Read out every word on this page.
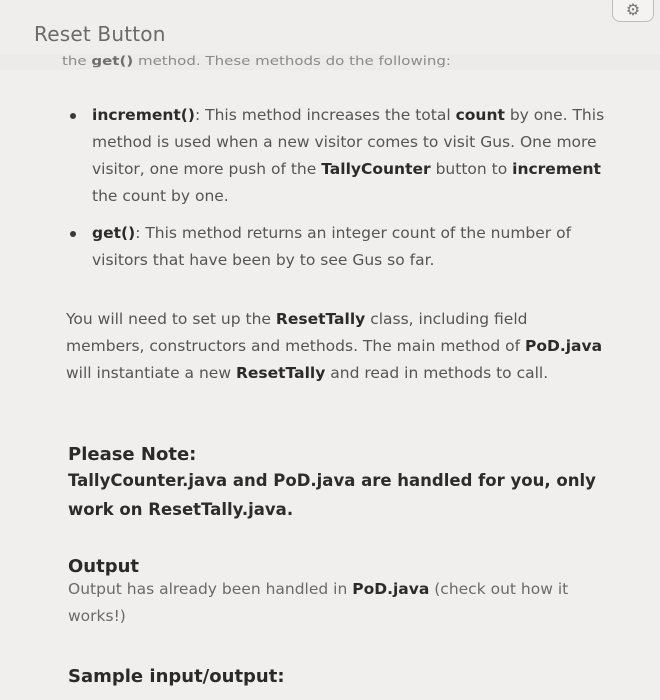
Reset Button
⚙
the get() method. These methods do the following:
increment(): This method increases the total count by one. This method is used when a new visitor comes to visit Gus. One more visitor, one more push of the TallyCounter button to increment the count by one.
get(): This method returns an integer count of the number of visitors that have been by to see Gus so far.

You will need to set up the ResetTally class, including field members, constructors and methods. The main method of PoD.java will instantiate a new ResetTally and read in methods to call.

Please Note:

TallyCounter.java and PoD.java are handled for you, only work on ResetTally.java.

Output

Output has already been handled in PoD.java (check out how it works!)

Sample input/output:
